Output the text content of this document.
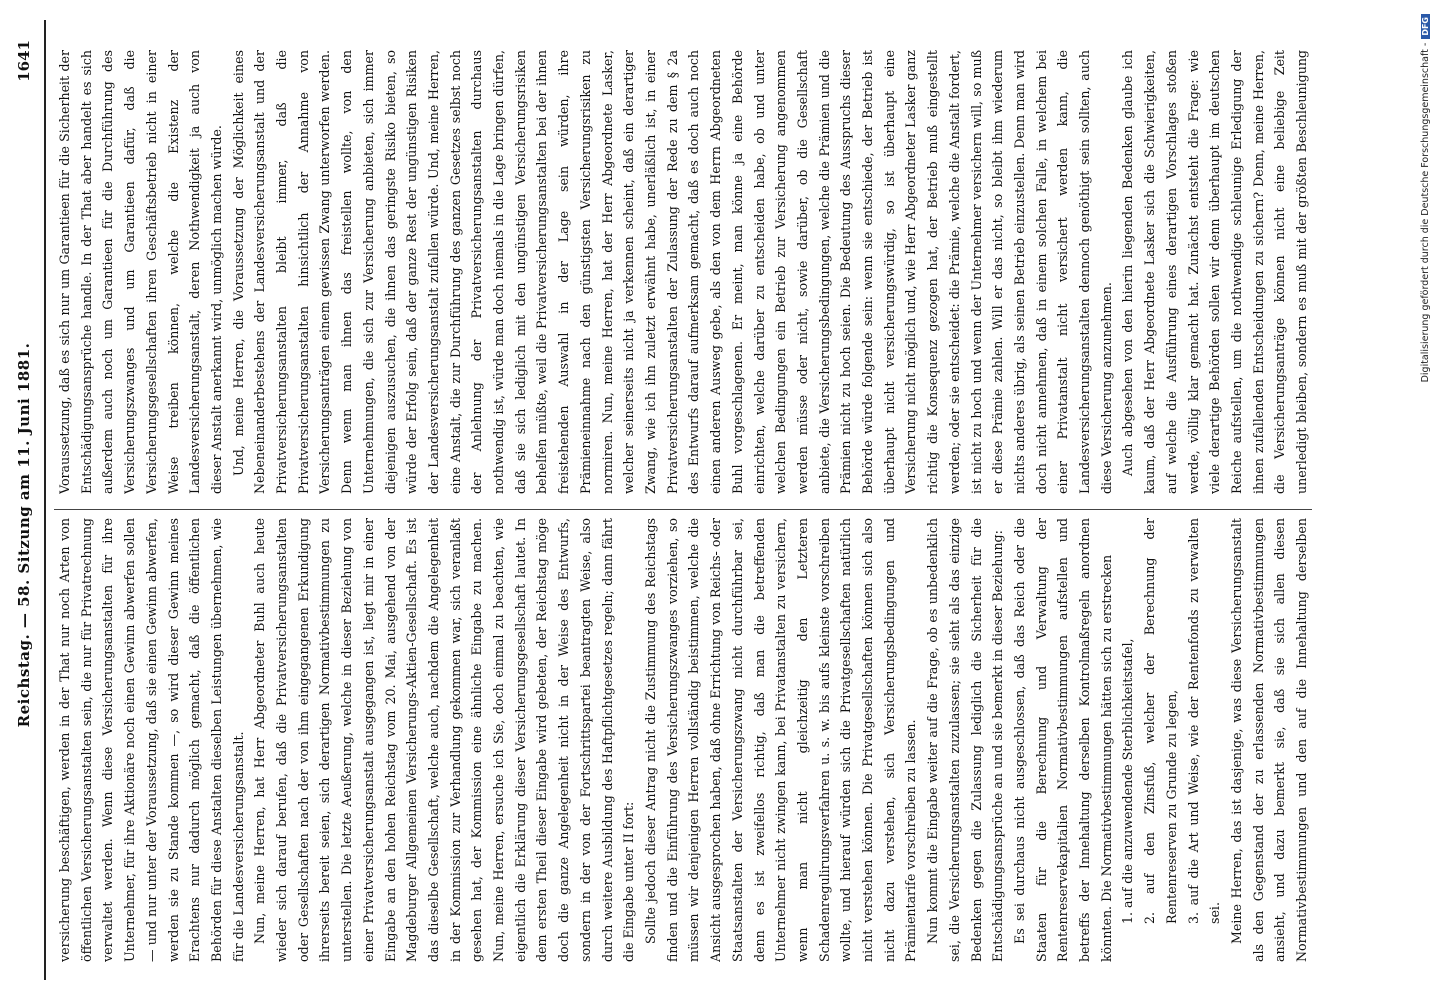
Reichstag. — 58. Sitzung am 11. Juni 1881.
1641

versicherung beschäftigen, werden in der That nur noch Arten von öffentlichen Versicherungsanstalten sein, die nur für Privatrechnung verwaltet werden. Wenn diese Versicherungsanstalten für ihre Unternehmer, für ihre Aktionäre noch einen Gewinn abwerfen sollen — und nur unter der Voraussetzung, daß sie einen Gewinn abwerfen, werden sie zu Stande kommen —, so wird dieser Gewinn meines Erachtens nur dadurch möglich gemacht, daß die öffentlichen Behörden für diese Anstalten dieselben Leistungen übernehmen, wie für die Landesversicherungsanstalt. Nun, meine Herren, hat Herr Abgeordneter Buhl auch heute wieder sich darauf berufen, daß die Privatversicherungsanstalten oder Gesellschaften nach der von ihm eingegangenen Erkundigung ihrerseits bereit seien, sich derartigen Normativbestimmungen zu unterstellen. Die letzte Aeußerung, welche in dieser Beziehung von einer Privatversicherungsanstalt ausgegangen ist, liegt mir in einer Eingabe an den hohen Reichstag vom 20. Mai, ausgehend von der Magdeburger Allgemeinen Versicherungs-Aktien-Gesellschaft. Es ist das dieselbe Gesellschaft, welche auch, nachdem die Angelegenheit in der Kommission zur Verhandlung gekommen war, sich veranlaßt gesehen hat, der Kommission eine ähnliche Eingabe zu machen. Nun, meine Herren, ersuche ich Sie, doch einmal zu beachten, wie eigentlich die Erklärung dieser Versicherungsgesellschaft lautet. In dem ersten Theil dieser Eingabe wird gebeten, der Reichstag möge doch die ganze Angelegenheit nicht in der Weise des Entwurfs, sondern in der von der Fortschrittspartei beantragten Weise, also durch weitere Ausbildung des Haftpflichtgesetzes regeln; dann fährt die Eingabe unter II fort: Sollte jedoch dieser Antrag nicht die Zustimmung des Reichstags finden und die Einführung des Versicherungszwanges vorziehen, so müssen wir denjenigen Herren vollständig beistimmen, welche die Ansicht ausgesprochen haben, daß ohne Errichtung von Reichs- oder Staatsanstalten der Versicherungszwang nicht durchführbar sei, denn es ist zweifellos richtig, daß man die betreffenden Unternehmer nicht zwingen kann, bei Privatanstalten zu versichern, wenn man nicht gleichzeitig den Letzteren Schadenregulirungsverfahren u. s. w. bis aufs kleinste vorschreiben wollte, und hierauf würden sich die Privatgesellschaften natürlich nicht verstehen können. Die Privatgesellschaften können sich also nicht dazu verstehen, sich Versicherungsbedingungen und Prämientarife vorschreiben zu lassen. Nun kommt die Eingabe weiter auf die Frage, ob es unbedenklich sei, die Versicherungsanstalten zuzulassen; sie sieht als das einzige Bedenken gegen die Zulassung lediglich die Sicherheit für die Entschädigungsansprüche an und sie bemerkt in dieser Beziehung: Es sei durchaus nicht ausgeschlossen, daß das Reich oder die Staaten für die Berechnung und Verwaltung der Rentenreservekapitalien Normativbestimmungen aufstellen und betreffs der Innehaltung derselben Kontrolmaßregeln anordnen könnten. Die Normativbestimmungen hätten sich zu erstrecken 1. auf die anzuwendende Sterblichkeitstafel, 2. auf den Zinsfuß, welcher der Berechnung der Rentenreserven zu Grunde zu legen, 3. auf die Art und Weise, wie der Rentenfonds zu verwalten sei. Meine Herren, das ist dasjenige, was diese Versicherungsanstalt als den Gegenstand der zu erlassenden Normativbestimmungen ansieht, und dazu bemerkt sie, daß sie sich allen diesen Normativbestimmungen und den auf die Innehaltung derselben

Voraussetzung, daß es sich nur um Garantieen für die Sicherheit der Entschädigungsansprüche handle. In der That aber handelt es sich außerdem auch noch um Garantieen für die Durchführung des Versicherungszwanges und um Garantieen dafür, daß die Versicherungsgesellschaften ihren Geschäftsbetrieb nicht in einer Weise treiben können, welche die Existenz der Landesversicherungsanstalt, deren Nothwendigkeit ja auch von dieser Anstalt anerkannt wird, unmöglich machen würde. Und, meine Herren, die Voraussetzung der Möglichkeit eines Nebeneinanderbestehens der Landesversicherungsanstalt und der Privatversicherungsanstalten bleibt immer, daß die Privatversicherungsanstalten hinsichtlich der Annahme von Versicherungsanträgen einem gewissen Zwang unterworfen werden. Denn wenn man ihnen das freistellen wollte, von den Unternehmungen, die sich zur Versicherung anbieten, sich immer diejenigen auszusuchen, die ihnen das geringste Risiko bieten, so würde der Erfolg sein, daß der ganze Rest der ungünstigen Risiken der Landesversicherungsanstalt zufallen würde. Und, meine Herren, eine Anstalt, die zur Durchführung des ganzen Gesetzes selbst noch der Anlehnung der Privatversicherungsanstalten durchaus nothwendig ist, würde man doch niemals in die Lage bringen dürfen, daß sie sich lediglich mit den ungünstigen Versicherungsrisiken behelfen müßte, weil die Privatversicherungsanstalten bei der ihnen freistehenden Auswahl in der Lage sein würden, ihre Prämieneinnahme nach den günstigsten Versicherungsrisiken zu normiren. Nun, meine Herren, hat der Herr Abgeordnete Lasker, welcher seinerseits nicht ja verkennen scheint, daß ein derartiger Zwang, wie ich ihn zuletzt erwähnt habe, unerläßlich ist, in einer Privatversicherungsanstalten der Zulassung der Rede zu dem § 2a des Entwurfs darauf aufmerksam gemacht, daß es doch auch noch einen anderen Ausweg gebe, als den von dem Herrn Abgeordneten Buhl vorgeschlagenen. Er meint, man könne ja eine Behörde einrichten, welche darüber zu entscheiden habe, ob und unter welchen Bedingungen ein Betrieb zur Versicherung angenommen werden müsse oder nicht, sowie darüber, ob die Gesellschaft anbiete, die Versicherungsbedingungen, welche die Prämien und die Prämien nicht zu hoch seien. Die Bedeutung des Ausspruchs dieser Behörde würde folgende sein: wenn sie entschiede, der Betrieb ist überhaupt nicht versicherungswürdig, so ist überhaupt eine Versicherung nicht möglich und, wie Herr Abgeordneter Lasker ganz richtig die Konsequenz gezogen hat, der Betrieb muß eingestellt werden; oder sie entscheidet: die Prämie, welche die Anstalt fordert, ist nicht zu hoch und wenn der Unternehmer versichern will, so muß er diese Prämie zahlen. Will er das nicht, so bleibt ihm wiederum nichts anderes übrig, als seinen Betrieb einzustellen. Denn man wird doch nicht annehmen, daß in einem solchen Falle, in welchem bei einer Privatanstalt nicht versichert werden kann, die Landesversicherungsanstalten dennoch genöthigt sein sollten, auch diese Versicherung anzunehmen. Auch abgesehen von den hierin liegenden Bedenken glaube ich kaum, daß der Herr Abgeordnete Lasker sich die Schwierigkeiten, auf welche die Ausführung eines derartigen Vorschlages stoßen werde, völlig klar gemacht hat. Zunächst entsteht die Frage: wie viele derartige Behörden sollen wir denn überhaupt im deutschen Reiche aufstellen, um die nothwendige schleunige Erledigung der ihnen zufallenden Entscheidungen zu sichern? Denn, meine Herren, die Versicherungsanträge können nicht eine beliebige Zeit unerledigt bleiben, sondern es muß mit der größten Beschleunigung	Digitalisierung gefördert durch die Deutsche Forschungsgemeinschaft -DFG
